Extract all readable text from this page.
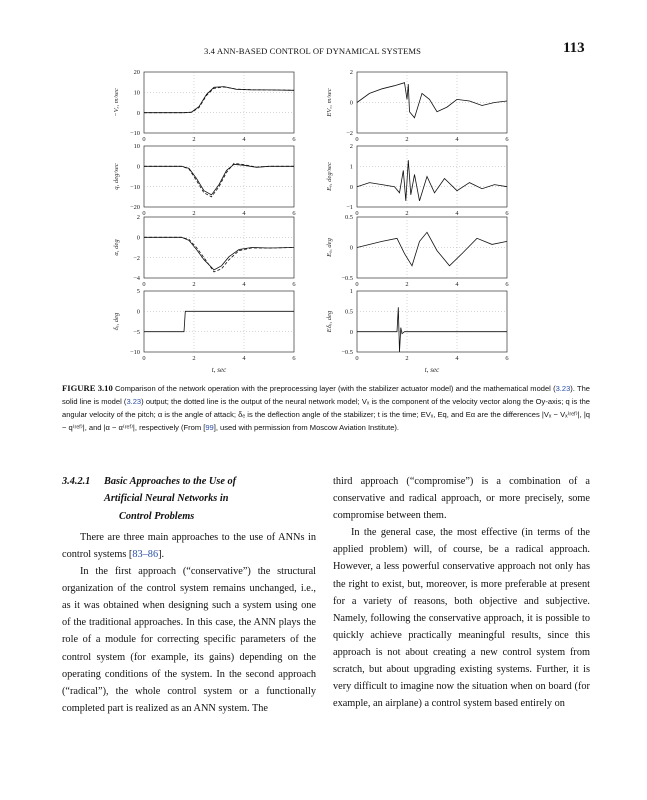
3.4 ANN-BASED CONTROL OF DYNAMICAL SYSTEMS	113
20
10
0
−10
0	2	4	6
−Vₓ, m/sec
10
0
−10
−20
0	2	4	6
q, deg/sec
2
0
−2
−4
0	2	4	6
α, deg
5
0
−5
−10
0	2	4	6
δₑ, deg
2
0
−2
0	2	4	6
EVₓ, m/sec
2
1
0
−1
0	2	4	6
Eₑ, deg/sec
0.5
0
−0.5
0	2	4	6
Eₐ, deg
1
0.5
0
−0.5
0	2	4	6
Eδₑ, deg
t, sec	t, sec
FIGURE 3.10 Comparison of the network operation with the preprocessing layer (with the stabilizer actuator model) and the mathematical model (3.23). The solid line is model (3.23) output; the dotted line is the output of the neural network model; Vₓ is the component of the velocity vector along the Oy-axis; q is the angular velocity of the pitch; α is the angle of attack; δₑ is the deflection angle of the stabilizer; t is the time; EVₓ, Eq, and Eα are the differences |Vₓ − Vₓ⁽ʳᵉᶠ⁾|, |q − q⁽ʳᵉᶠ⁾|, and |α − α⁽ʳᵉᶠ⁾|, respectively (From [99], used with permission from Moscow Aviation Institute).
3.4.2.1 Basic Approaches to the Use of
Artificial Neural Networks in
Control Problems

There are three main approaches to the use of ANNs in control systems [83–86].

In the first approach (“conservative”) the structural organization of the control system remains unchanged, i.e., as it was obtained when designing such a system using one of the traditional approaches. In this case, the ANN plays the role of a module for correcting specific parameters of the control system (for example, its gains) depending on the operating conditions of the system. In the second approach (“radical”), the whole control system or a functionally completed part is realized as an ANN system. The

third approach (“compromise”) is a combination of a conservative and radical approach, or more precisely, some compromise between them.

In the general case, the most effective (in terms of the applied problem) will, of course, be a radical approach. However, a less powerful conservative approach not only has the right to exist, but, moreover, is more preferable at present for a variety of reasons, both objective and subjective. Namely, following the conservative approach, it is possible to quickly achieve practically meaningful results, since this approach is not about creating a new control system from scratch, but about upgrading existing systems. Further, it is very difficult to imagine now the situation when on board (for example, an airplane) a control system based entirely on
